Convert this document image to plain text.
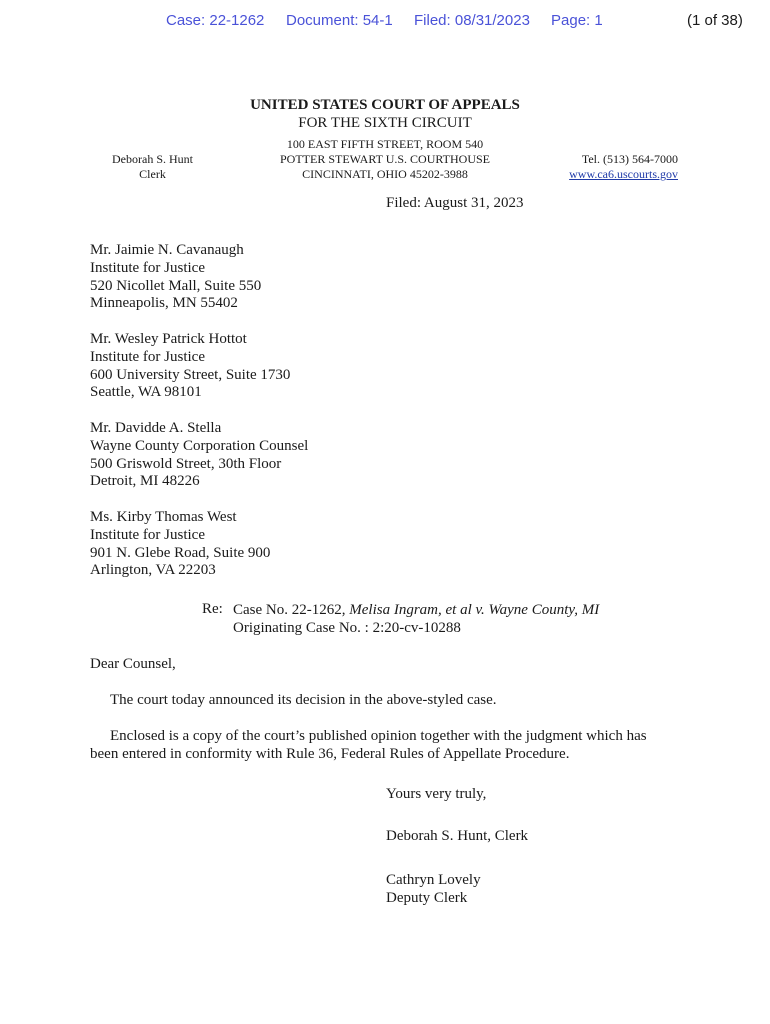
Case: 22-1262 Document: 54-1 Filed: 08/31/2023 Page: 1	(1 of 38)
UNITED STATES COURT OF APPEALS
FOR THE SIXTH CIRCUIT
100 EAST FIFTH STREET, ROOM 540
POTTER STEWART U.S. COURTHOUSE
CINCINNATI, OHIO 45202-3988
Deborah S. Hunt
Clerk
Tel. (513) 564-7000
www.ca6.uscourts.gov
Filed: August 31, 2023
Mr. Jaimie N. Cavanaugh
Institute for Justice
520 Nicollet Mall, Suite 550
Minneapolis, MN 55402
Mr. Wesley Patrick Hottot
Institute for Justice
600 University Street, Suite 1730
Seattle, WA 98101
Mr. Davidde A. Stella
Wayne County Corporation Counsel
500 Griswold Street, 30th Floor
Detroit, MI 48226
Ms. Kirby Thomas West
Institute for Justice
901 N. Glebe Road, Suite 900
Arlington, VA 22203
Re: Case No. 22-1262, Melisa Ingram, et al v. Wayne County, MI
Originating Case No. : 2:20-cv-10288
Dear Counsel,
The court today announced its decision in the above-styled case.
Enclosed is a copy of the court’s published opinion together with the judgment which has
been entered in conformity with Rule 36, Federal Rules of Appellate Procedure.
Yours very truly,
Deborah S. Hunt, Clerk
Cathryn Lovely
Deputy Clerk
